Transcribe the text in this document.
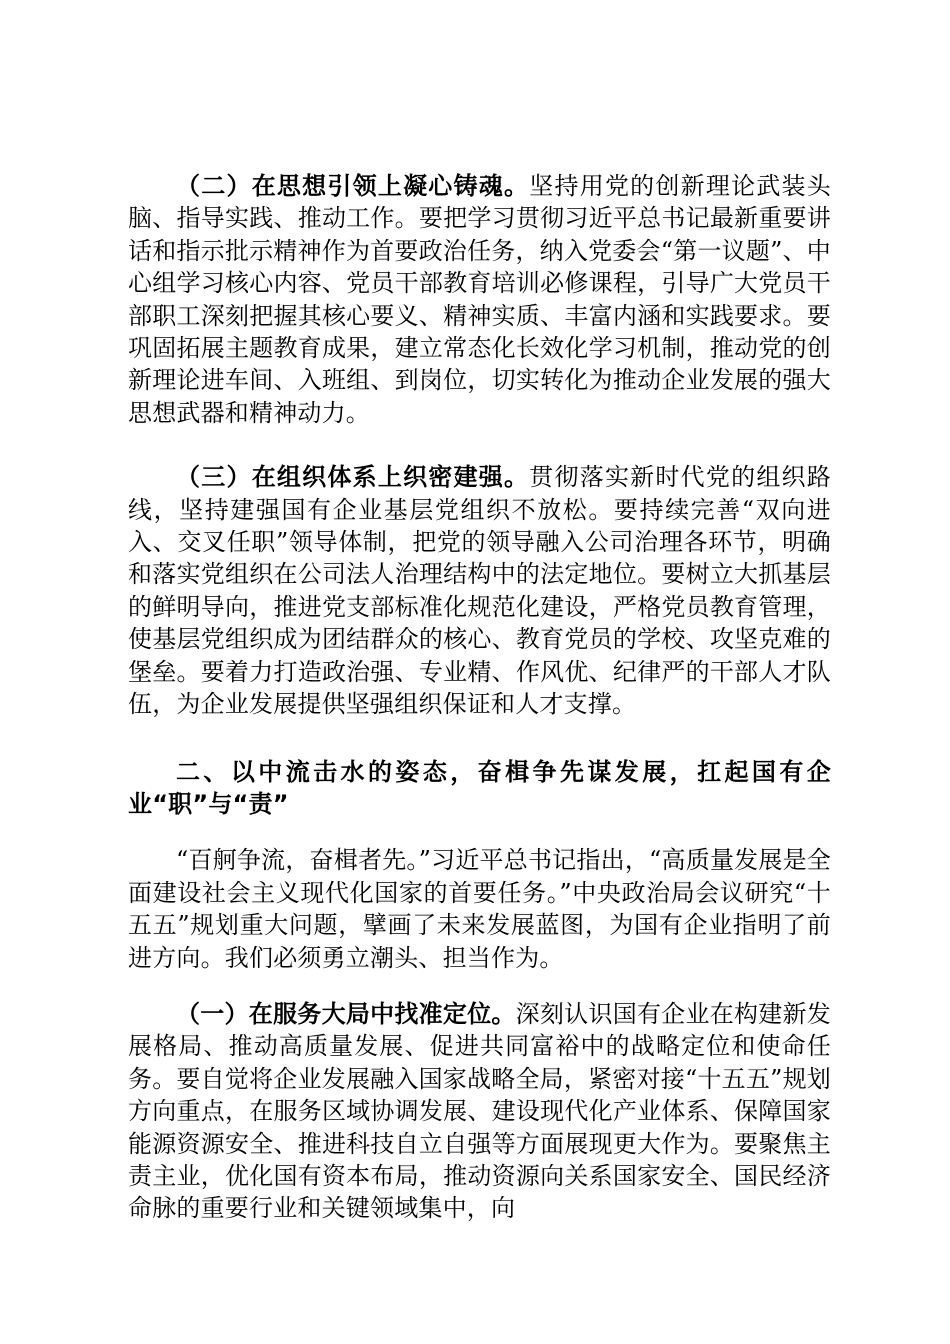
（二）在思想引领上凝心铸魂。坚持用党的创新理论武装头脑、指导实践、推动工作。要把学习贯彻习近平总书记最新重要讲话和指示批示精神作为首要政治任务，纳入党委会“第一议题”、中心组学习核心内容、党员干部教育培训必修课程，引导广大党员干部职工深刻把握其核心要义、精神实质、丰富内涵和实践要求。要巩固拓展主题教育成果，建立常态化长效化学习机制，推动党的创新理论进车间、入班组、到岗位，切实转化为推动企业发展的强大思想武器和精神动力。

（三）在组织体系上织密建强。贯彻落实新时代党的组织路线，坚持建强国有企业基层党组织不放松。要持续完善“双向进入、交叉任职”领导体制，把党的领导融入公司治理各环节，明确和落实党组织在公司法人治理结构中的法定地位。要树立大抓基层的鲜明导向，推进党支部标准化规范化建设，严格党员教育管理，使基层党组织成为团结群众的核心、教育党员的学校、攻坚克难的堡垒。要着力打造政治强、专业精、作风优、纪律严的干部人才队伍，为企业发展提供坚强组织保证和人才支撑。

二、以中流击水的姿态，奋楫争先谋发展，扛起国有企业“职”与“责”

“百舸争流，奋楫者先。”习近平总书记指出，“高质量发展是全面建设社会主义现代化国家的首要任务。”中央政治局会议研究“十五五”规划重大问题，擘画了未来发展蓝图，为国有企业指明了前进方向。我们必须勇立潮头、担当作为。

（一）在服务大局中找准定位。深刻认识国有企业在构建新发展格局、推动高质量发展、促进共同富裕中的战略定位和使命任务。要自觉将企业发展融入国家战略全局，紧密对接“十五五”规划方向重点，在服务区域协调发展、建设现代化产业体系、保障国家能源资源安全、推进科技自立自强等方面展现更大作为。要聚焦主责主业，优化国有资本布局，推动资源向关系国家安全、国民经济命脉的重要行业和关键领域集中，向
